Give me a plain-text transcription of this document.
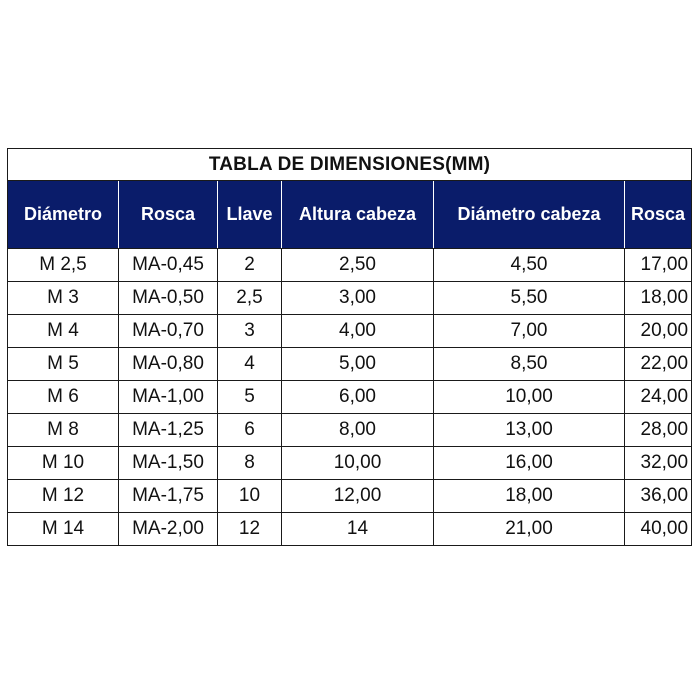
TABLA DE DIMENSIONES(MM)					
Diámetro	Rosca	Llave	Altura cabeza	Diámetro cabeza	Rosca
M 2,5	MA-0,45	2	2,50	4,50	17,00
M 3	MA-0,50	2,5	3,00	5,50	18,00
M 4	MA-0,70	3	4,00	7,00	20,00
M 5	MA-0,80	4	5,00	8,50	22,00
M 6	MA-1,00	5	6,00	10,00	24,00
M 8	MA-1,25	6	8,00	13,00	28,00
M 10	MA-1,50	8	10,00	16,00	32,00
M 12	MA-1,75	10	12,00	18,00	36,00
M 14	MA-2,00	12	14	21,00	40,00
